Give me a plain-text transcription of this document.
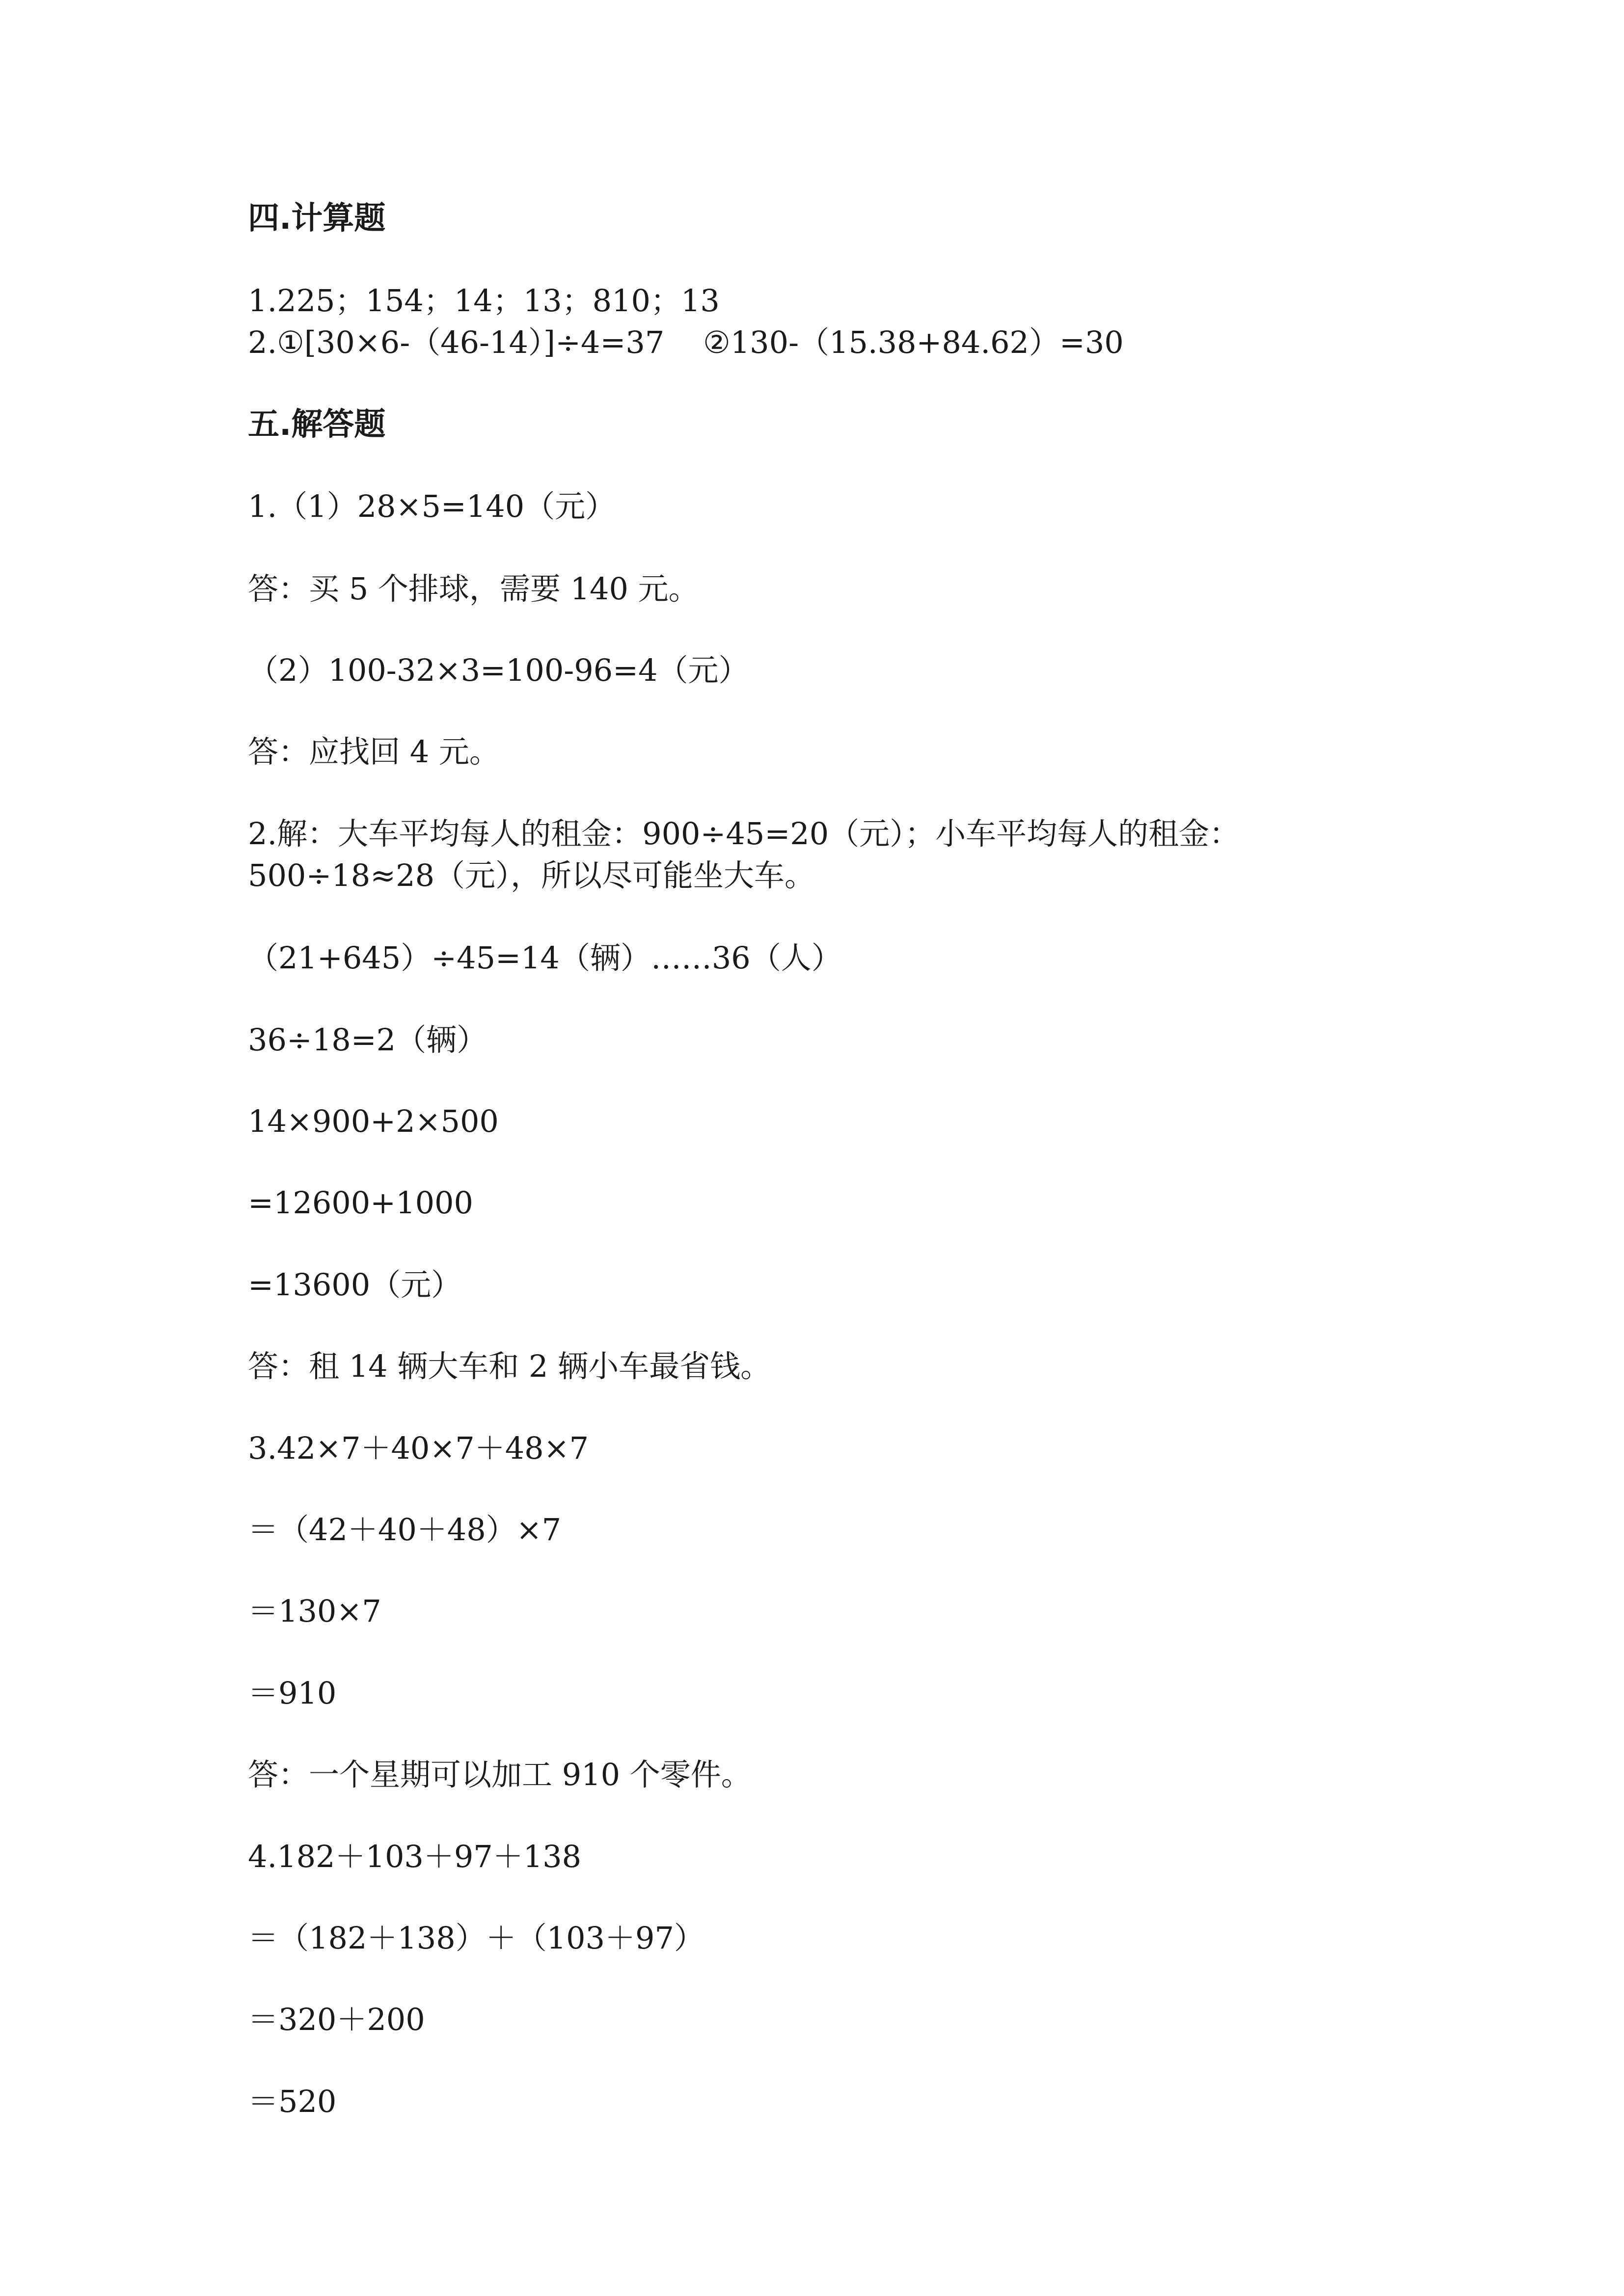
四.计算题

1.225；154；14；13；810；13

2.①[30×6-（46-14）]÷4=37    ②130-（15.38+84.62）=30

五.解答题

1.（1）28×5=140（元）

答：买 5 个排球，需要 140 元。

（2）100-32×3=100-96=4（元）

答：应找回 4 元。

2.解：大车平均每人的租金：900÷45=20（元）；小车平均每人的租金：

500÷18≈28（元），所以尽可能坐大车。

（21+645）÷45=14（辆）……36（人）

36÷18=2（辆）

14×900+2×500

=12600+1000

=13600（元）

答：租 14 辆大车和 2 辆小车最省钱。

3.42×7＋40×7＋48×7

＝（42＋40＋48）×7

＝130×7

＝910

答：一个星期可以加工 910 个零件。

4.182＋103＋97＋138

＝（182＋138）＋（103＋97）

＝320＋200

＝520
